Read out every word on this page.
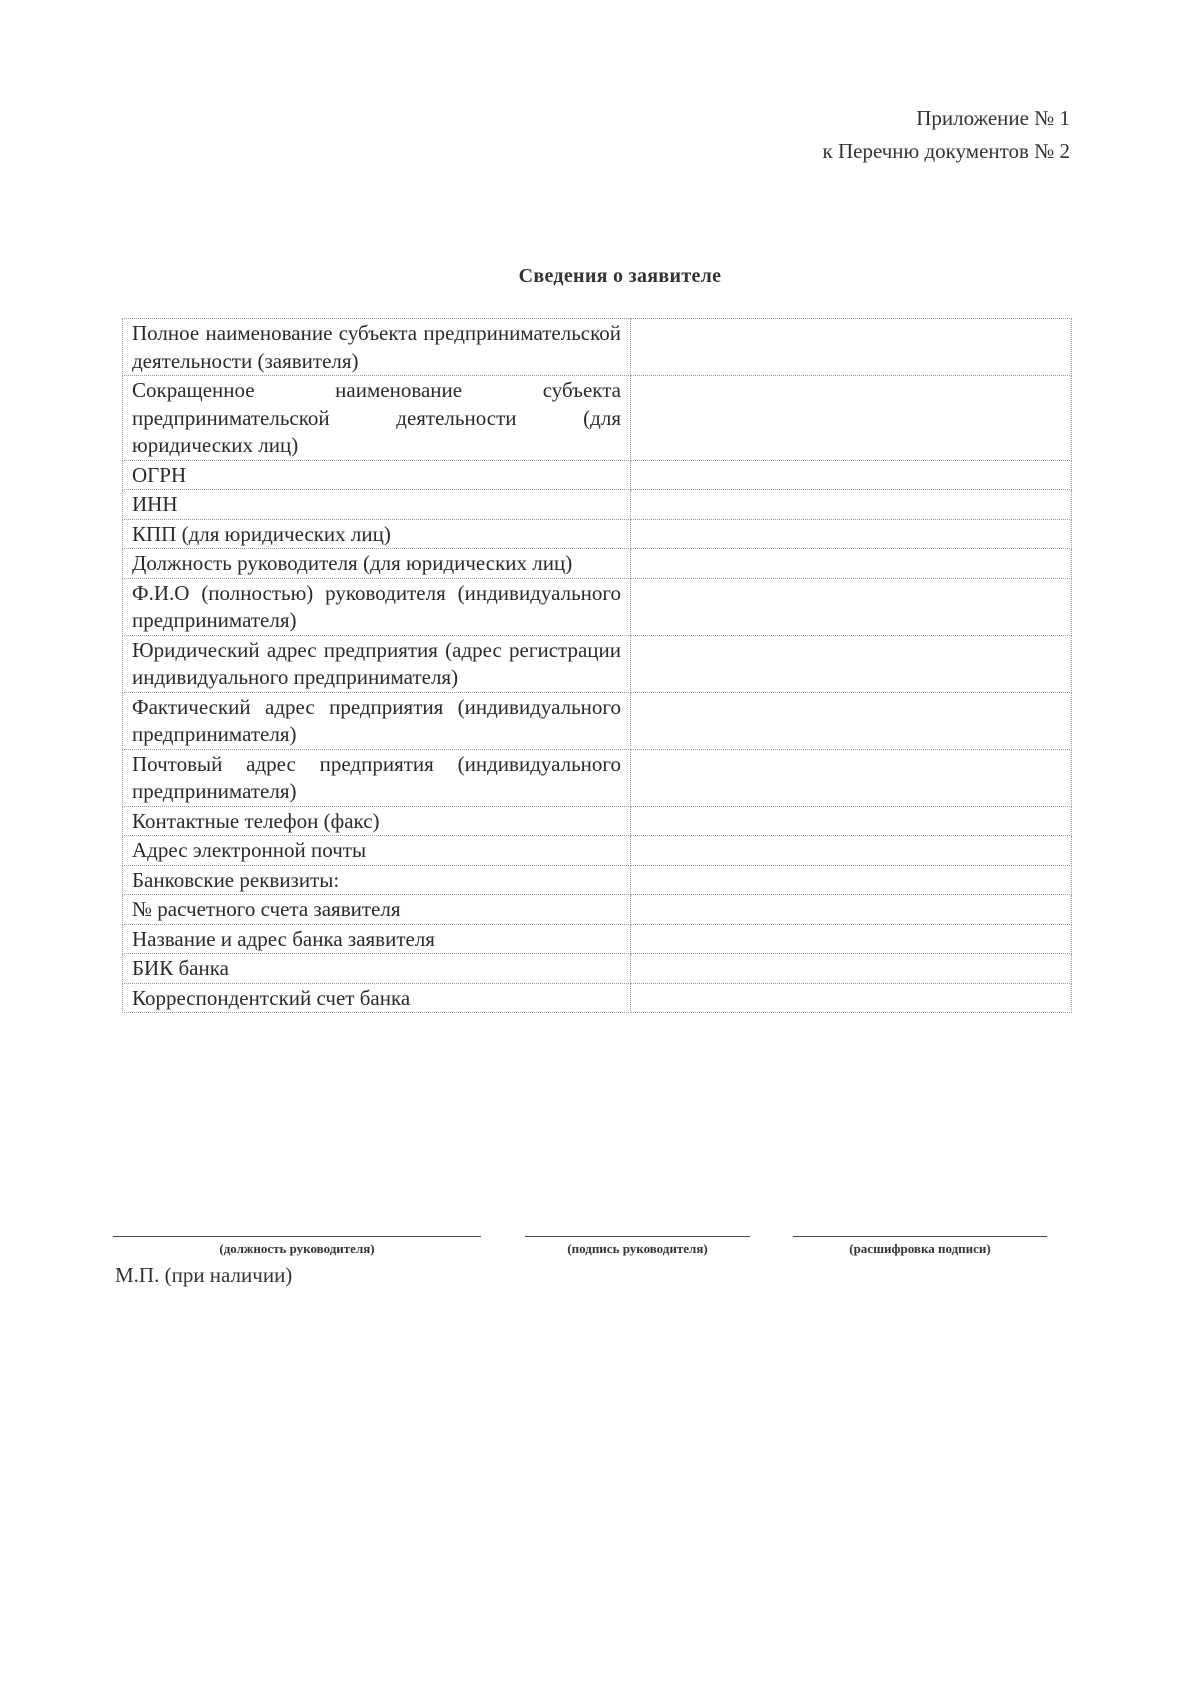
Приложение № 1
к Перечню документов № 2
Сведения о заявителе
Полное наименование субъекта предпринимательской деятельности (заявителя)	
Сокращенное наименование субъекта предпринимательской деятельности (для юридических лиц)	
ОГРН	
ИНН	
КПП (для юридических лиц)	
Должность руководителя (для юридических лиц)	
Ф.И.О (полностью) руководителя (индивидуального предпринимателя)	
Юридический адрес предприятия (адрес регистрации индивидуального предпринимателя)	
Фактический адрес предприятия (индивидуального предпринимателя)	
Почтовый адрес предприятия (индивидуального предпринимателя)	
Контактные телефон (факс)	
Адрес электронной почты	
Банковские реквизиты:	
№ расчетного счета заявителя	
Название и адрес банка заявителя	
БИК банка	
Корреспондентский счет банка	
(должность руководителя)	(подпись руководителя)	(расшифровка подписи)
М.П. (при наличии)
